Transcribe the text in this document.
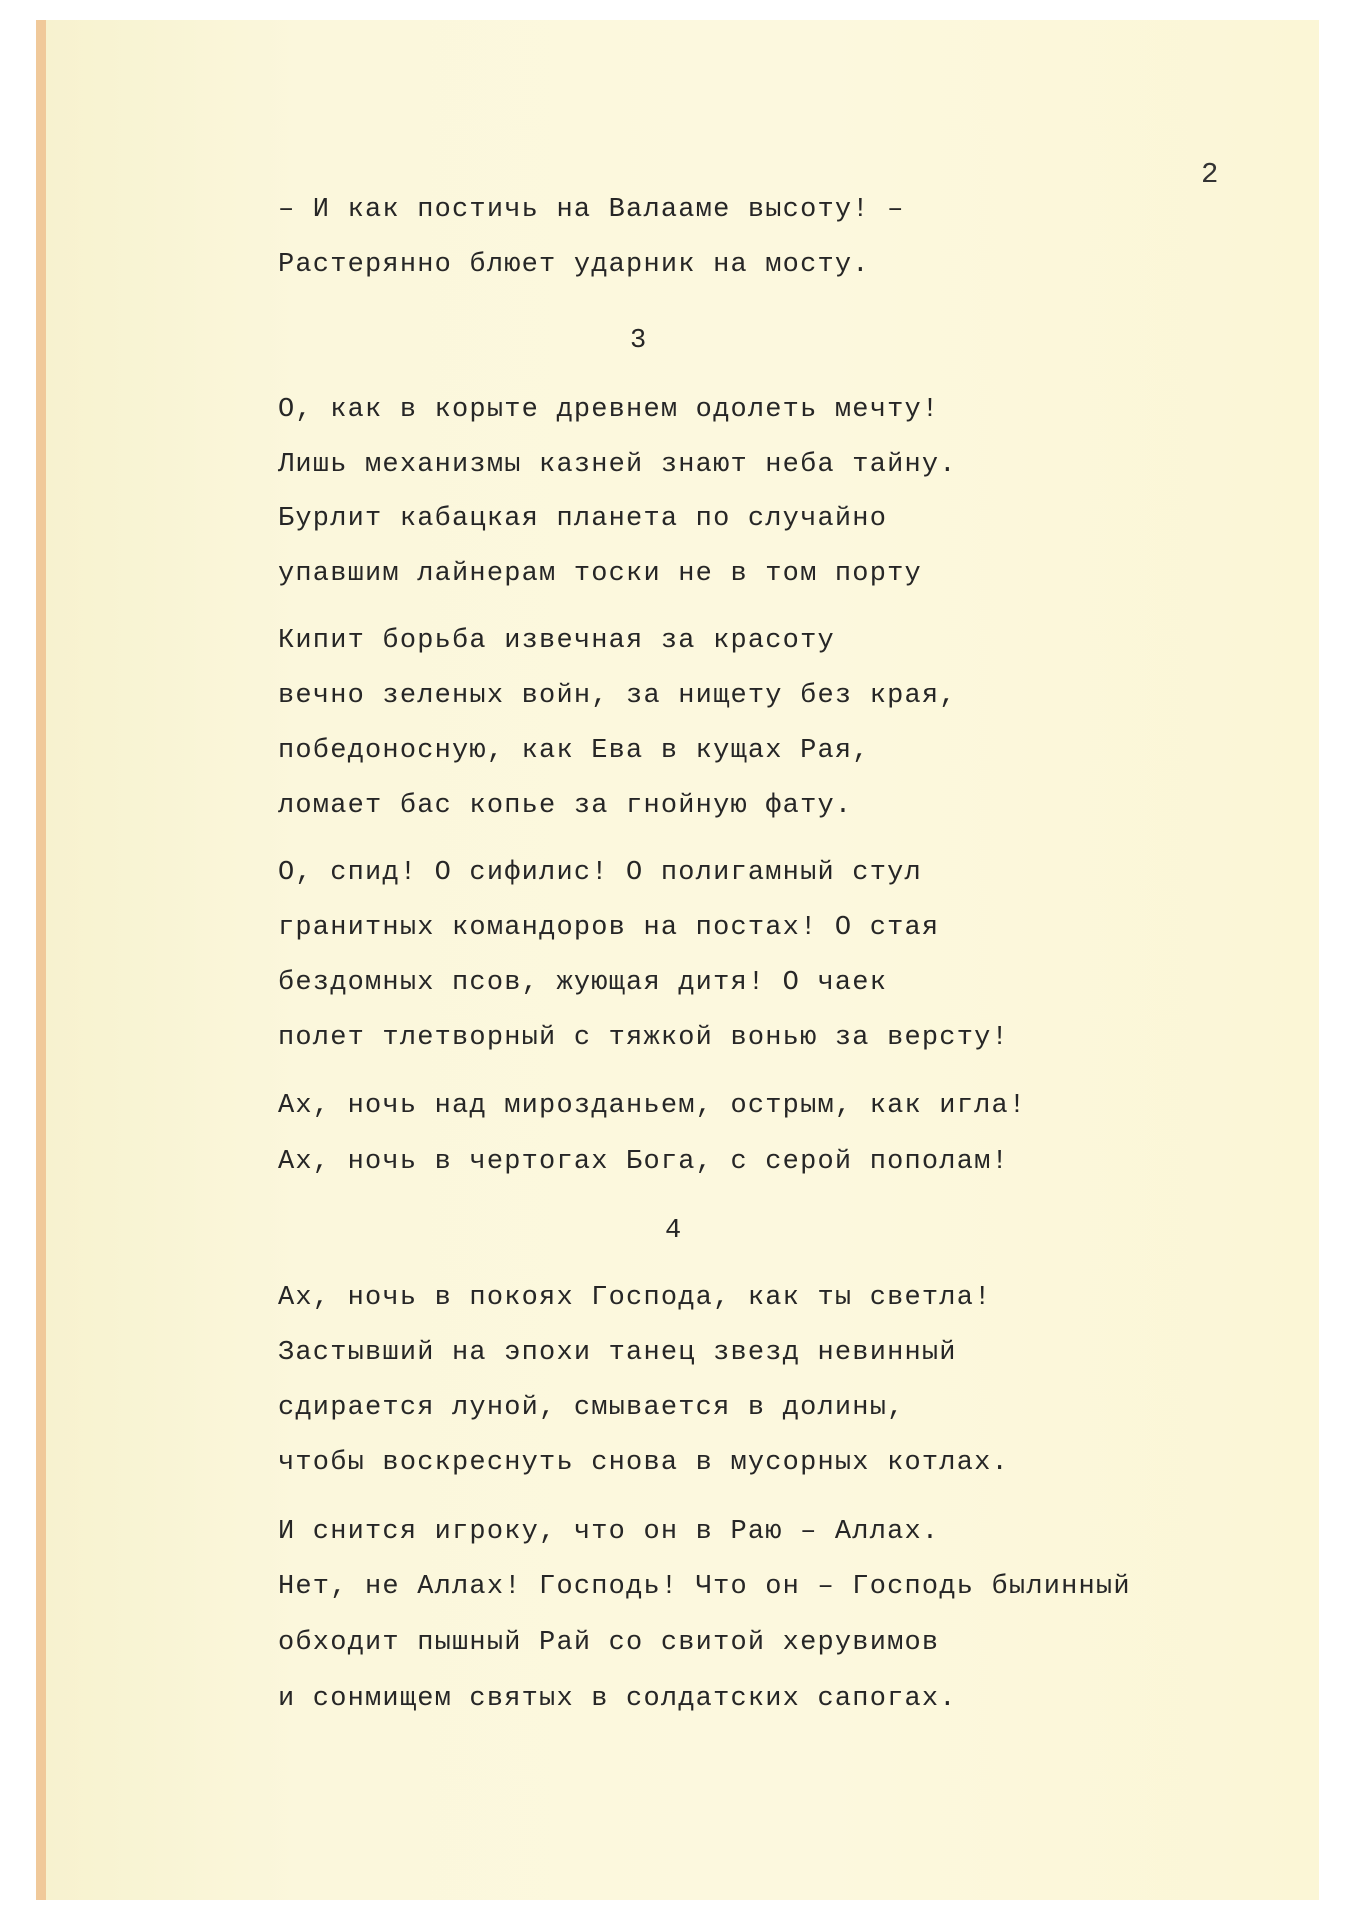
2
– И как постичь на Валааме высоту! –
Растерянно блюет ударник на мосту.
3
О, как в корыте древнем одолеть мечту!
Лишь механизмы казней знают неба тайну.
Бурлит кабацкая планета по случайно
упавшим лайнерам тоски не в том порту
Кипит борьба извечная за красоту
вечно зеленых войн, за нищету без края,
победоносную, как Ева в кущах Рая,
ломает бас копье за гнойную фату.
О, спид! О сифилис! О полигамный стул
гранитных командоров на постах! О стая
бездомных псов, жующая дитя! О чаек
полет тлетворный с тяжкой вонью за версту!
Ах, ночь над мирозданьем, острым, как игла!
Ах, ночь в чертогах Бога, с серой пополам!
4
Ах, ночь в покоях Господа, как ты светла!
Застывший на эпохи танец звезд невинный
сдирается луной, смывается в долины,
чтобы воскреснуть снова в мусорных котлах.
И снится игроку, что он в Раю – Аллах.
Нет, не Аллах! Господь! Что он – Господь былинный
обходит пышный Рай со свитой херувимов
и сонмищем святых в солдатских сапогах.
